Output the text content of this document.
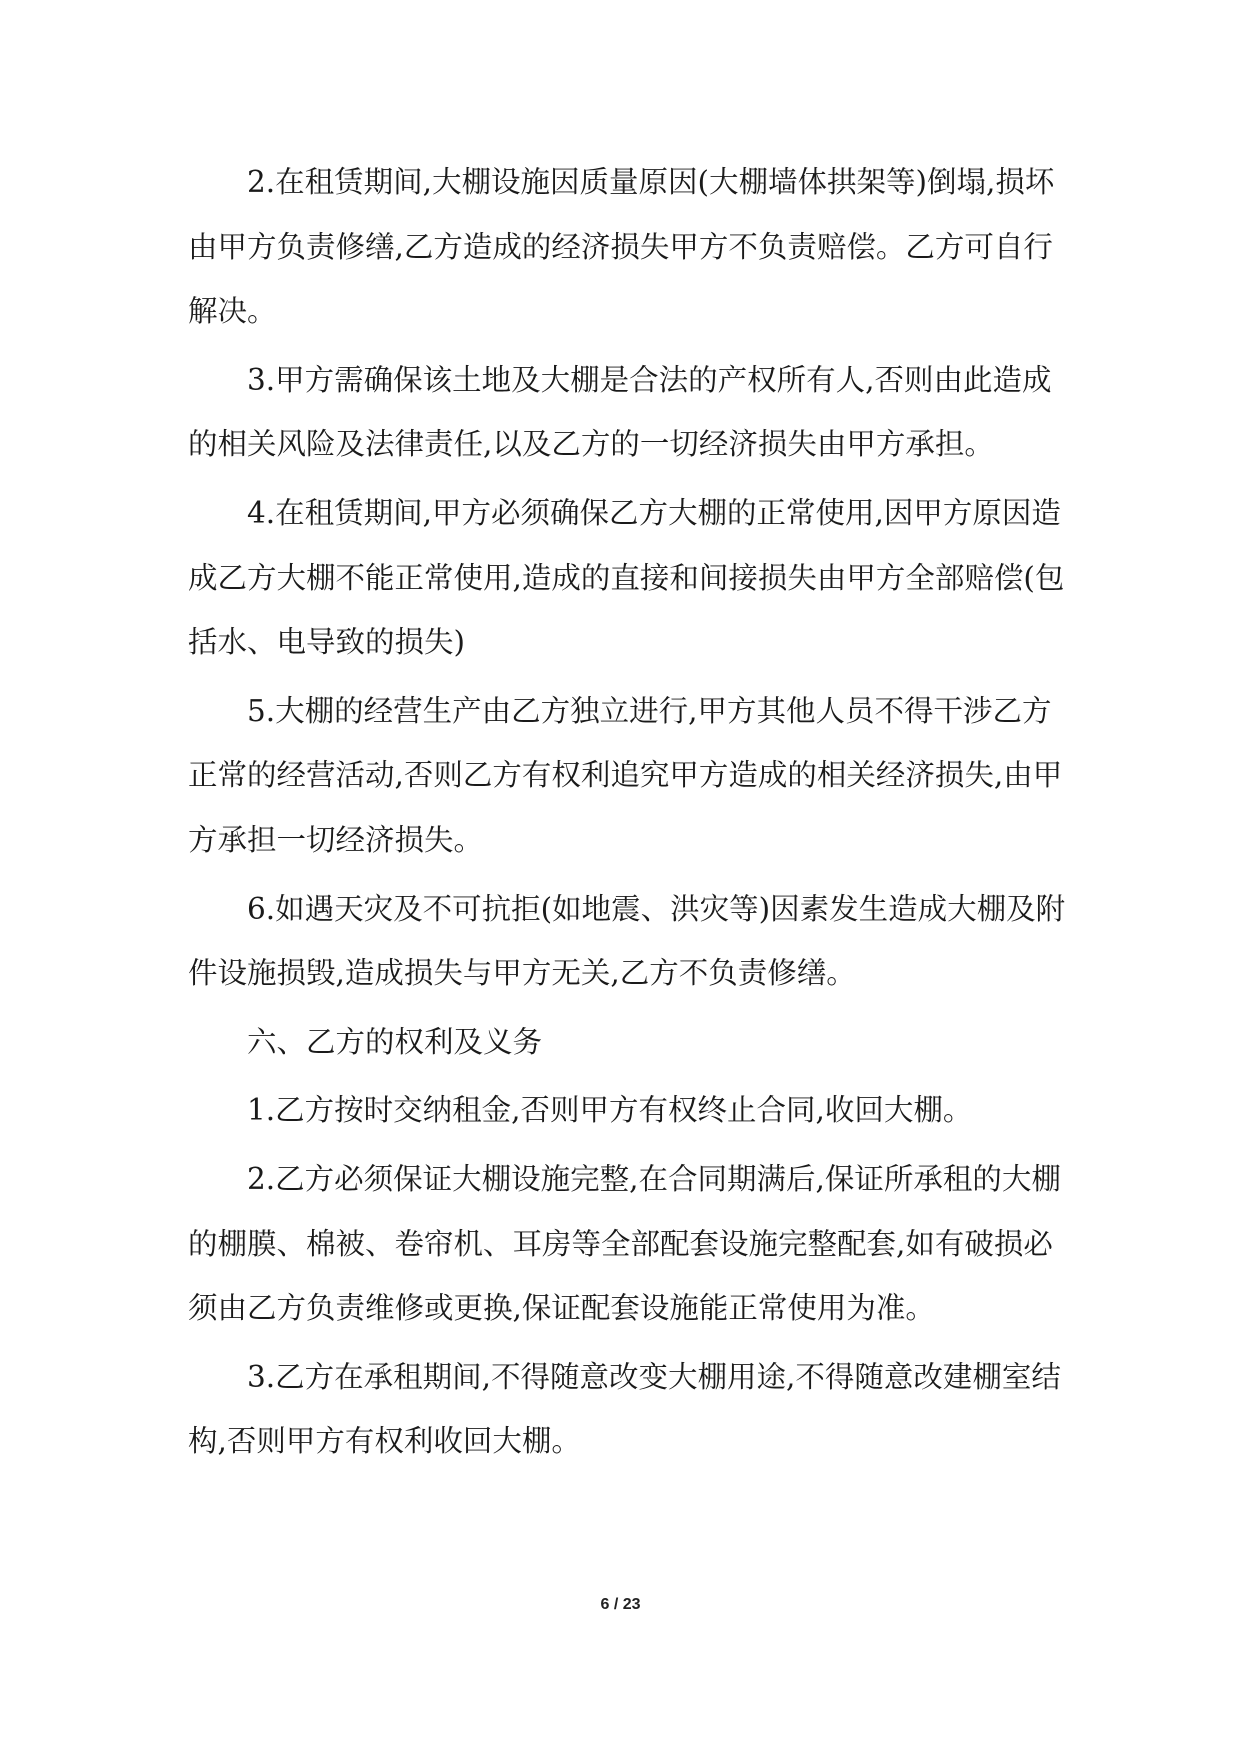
2.在租赁期间,大棚设施因质量原因(大棚墙体拱架等)倒塌,损坏由甲方负责修缮,乙方造成的经济损失甲方不负责赔偿。乙方可自行解决。

3.甲方需确保该土地及大棚是合法的产权所有人,否则由此造成的相关风险及法律责任,以及乙方的一切经济损失由甲方承担。

4.在租赁期间,甲方必须确保乙方大棚的正常使用,因甲方原因造成乙方大棚不能正常使用,造成的直接和间接损失由甲方全部赔偿(包括水、电导致的损失)

5.大棚的经营生产由乙方独立进行,甲方其他人员不得干涉乙方正常的经营活动,否则乙方有权利追究甲方造成的相关经济损失,由甲方承担一切经济损失。

6.如遇天灾及不可抗拒(如地震、洪灾等)因素发生造成大棚及附件设施损毁,造成损失与甲方无关,乙方不负责修缮。

六、乙方的权利及义务

1.乙方按时交纳租金,否则甲方有权终止合同,收回大棚。

2.乙方必须保证大棚设施完整,在合同期满后,保证所承租的大棚的棚膜、棉被、卷帘机、耳房等全部配套设施完整配套,如有破损必须由乙方负责维修或更换,保证配套设施能正常使用为准。

3.乙方在承租期间,不得随意改变大棚用途,不得随意改建棚室结构,否则甲方有权利收回大棚。

6 / 23
